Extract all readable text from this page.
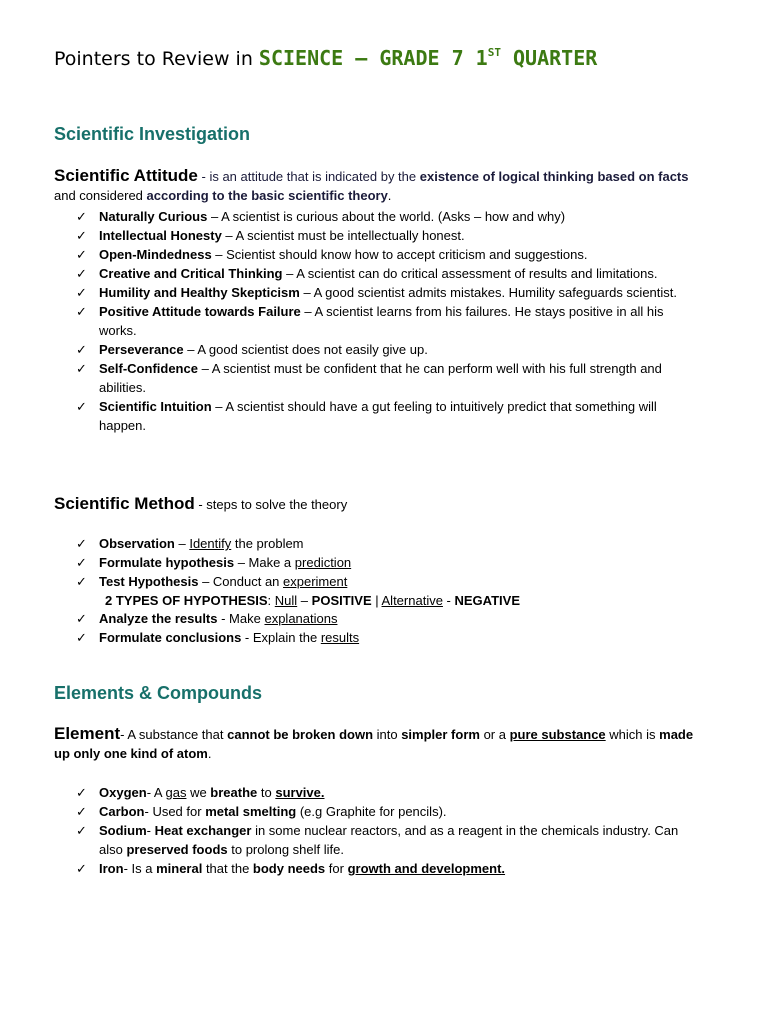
Pointers to Review in SCIENCE – GRADE 7 1ST QUARTER
Scientific Investigation
Scientific Attitude - is an attitude that is indicated by the existence of logical thinking based on facts and considered according to the basic scientific theory.
✓ Naturally Curious – A scientist is curious about the world. (Asks – how and why)
✓ Intellectual Honesty – A scientist must be intellectually honest.
✓ Open-Mindedness – Scientist should know how to accept criticism and suggestions.
✓ Creative and Critical Thinking – A scientist can do critical assessment of results and limitations.
✓ Humility and Healthy Skepticism – A good scientist admits mistakes. Humility safeguards scientist.
✓ Positive Attitude towards Failure – A scientist learns from his failures. He stays positive in all his works.
✓ Perseverance – A good scientist does not easily give up.
✓ Self-Confidence – A scientist must be confident that he can perform well with his full strength and abilities.
✓ Scientific Intuition – A scientist should have a gut feeling to intuitively predict that something will happen.
Scientific Method - steps to solve the theory
✓ Observation – Identify the problem
✓ Formulate hypothesis – Make a prediction
✓ Test Hypothesis – Conduct an experiment
2 TYPES OF HYPOTHESIS: Null – POSITIVE | Alternative - NEGATIVE
✓ Analyze the results - Make explanations
✓ Formulate conclusions - Explain the results
Elements & Compounds
Element- A substance that cannot be broken down into simpler form or a pure substance which is made up only one kind of atom.
✓ Oxygen- A gas we breathe to survive.
✓ Carbon- Used for metal smelting (e.g Graphite for pencils).
✓ Sodium- Heat exchanger in some nuclear reactors, and as a reagent in the chemicals industry. Can also preserved foods to prolong shelf life.
✓ Iron- Is a mineral that the body needs for growth and development.
